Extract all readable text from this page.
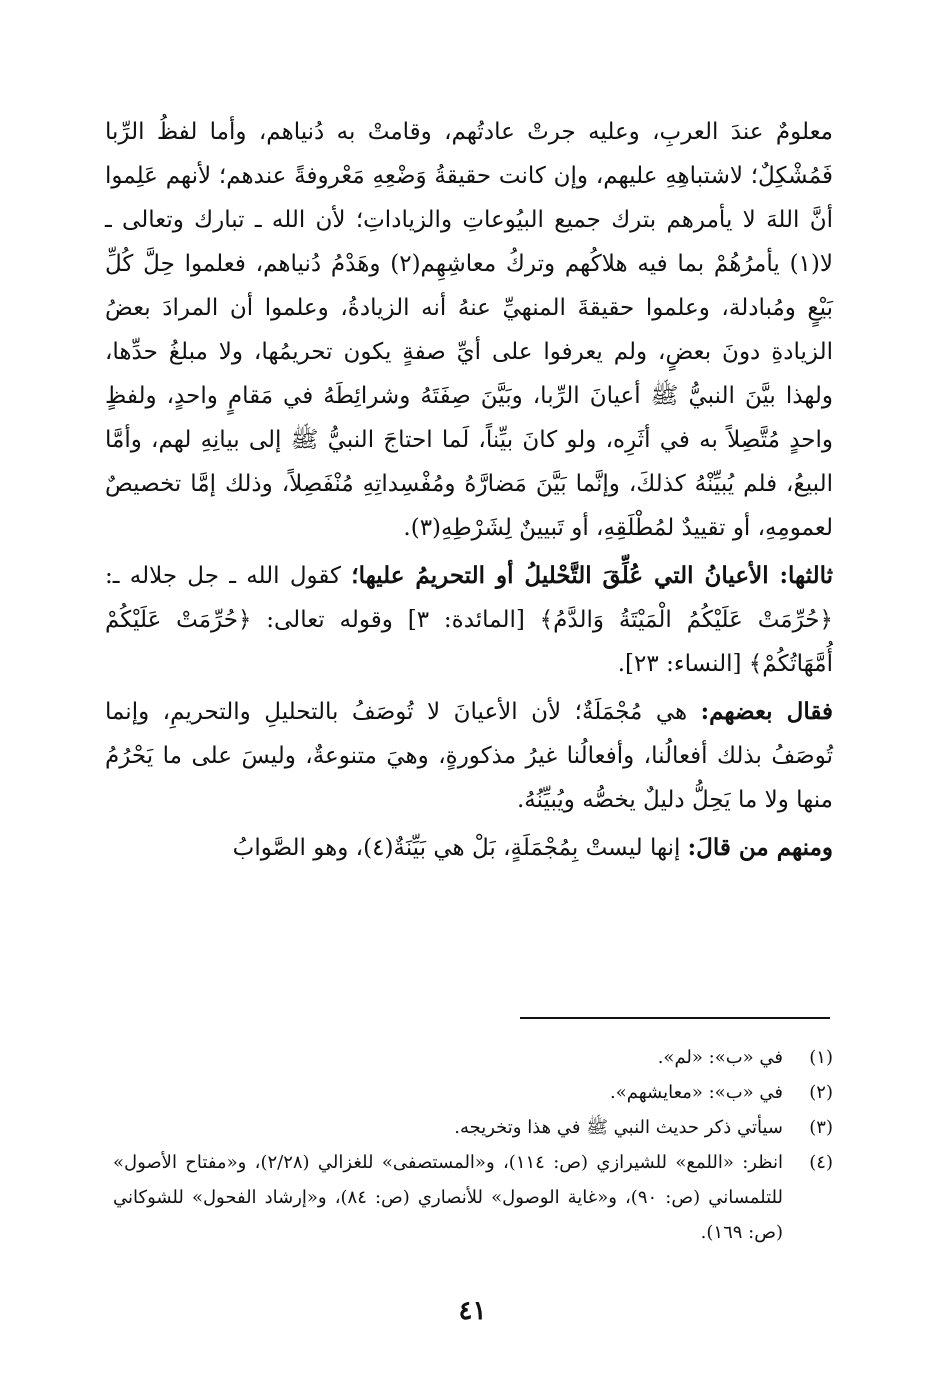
معلومٌ عندَ العربِ، وعليه جرتْ عادتُهم، وقامتْ به دُنياهم، وأما لفظُ الرِّبا فَمُشْكِلٌ؛ لاشتباهِهِ عليهم، وإن كانت حقيقةُ وَضْعِهِ مَعْروفةً عندهم؛ لأنهم عَلِموا أنَّ اللهَ لا يأمرهم بترك جميع البيُوعاتِ والزياداتِ؛ لأن الله ـ تبارك وتعالى ـ لا(١) يأمرُهُمْ بما فيه هلاكُهم وتركُ معاشِهِم(٢) وهَدْمُ دُنياهم، فعلموا حِلَّ كُلِّ بَيْعٍ ومُبادلة، وعلموا حقيقةَ المنهيِّ عنهُ أنه الزيادةُ، وعلموا أن المرادَ بعضُ الزيادةِ دونَ بعضٍ، ولم يعرفوا على أيِّ صفةٍ يكون تحريمُها، ولا مبلغُ حدِّها، ولهذا بيَّنَ النبيُّ ﷺ أعيانَ الرِّبا، وبَيَّنَ صِفَتَهُ وشرائِطَهُ في مَقامٍ واحدٍ، ولفظٍ واحدٍ مُتَّصِلاً به في أثَرِه، ولو كانَ بيِّناً، لَما احتاجَ النبيُّ ﷺ إلى بيانِهِ لهم، وأمَّا البيعُ، فلم يُبيِّنْهُ كذلكَ، وإنَّما بَيَّنَ مَضارَّهُ ومُفْسِداتِهِ مُنْفَصِلاً، وذلك إمَّا تخصيصٌ لعمومِهِ، أو تقييدٌ لمُطْلَقِهِ، أو تَبيينٌ لِشَرْطِهِ(٣).

ثالثها: الأعيانُ التي عُلِّقَ التَّحْليلُ أو التحريمُ عليها؛ كقول الله ـ جل جلاله ـ: ﴿حُرِّمَتْ عَلَيْكُمُ الْمَيْتَةُ وَالدَّمُ﴾ [المائدة: ٣] وقوله تعالى: ﴿حُرِّمَتْ عَلَيْكُمْ أُمَّهَاتُكُمْ﴾ [النساء: ٢٣].

فقال بعضهم: هي مُجْمَلَةٌ؛ لأن الأعيانَ لا تُوصَفُ بالتحليلِ والتحريمِ، وإنما تُوصَفُ بذلك أفعالُنا، وأفعالُنا غيرُ مذكورةٍ، وهيَ متنوعةٌ، وليسَ على ما يَحْرُمُ منها ولا ما يَحِلُّ دليلٌ يخصُّه ويُبيِّنُهُ.

ومنهم من قالَ: إنها ليستْ بِمُجْمَلَةٍ، بَلْ هي بَيِّنَةٌ(٤)، وهو الصَّوابُ

(١)
في «ب»: «لم».
(٢)
في «ب»: «معايشهم».
(٣)
سيأتي ذكر حديث النبي ﷺ في هذا وتخريجه.
(٤)
انظر: «اللمع» للشيرازي (ص: ١١٤)، و«المستصفى» للغزالي (٢/٢٨)، و«مفتاح الأصول» للتلمساني (ص: ٩٠)، و«غاية الوصول» للأنصاري (ص: ٨٤)، و«إرشاد الفحول» للشوكاني (ص: ١٦٩).
٤١
